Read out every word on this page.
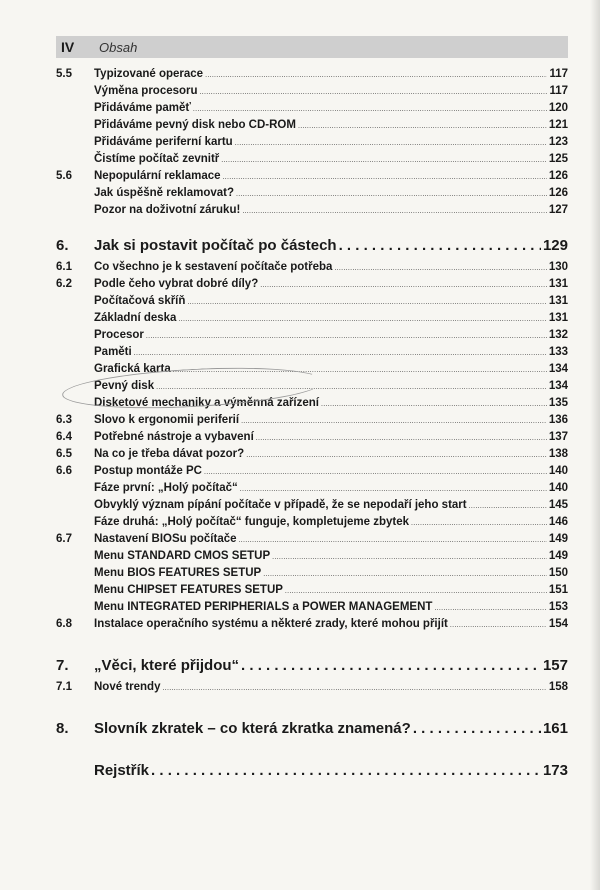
IV	Obsah
5.5	Typizované operace .....	117
Výměna procesoru .....	117
Přidáváme paměť .....	120
Přidáváme pevný disk nebo CD-ROM .....	121
Přidáváme periferní kartu .....	123
Čistíme počítač zevnitř .....	125
5.6	Nepopulární reklamace .....	126
Jak úspěšně reklamovat? .....	126
Pozor na doživotní záruku! .....	127
6.	Jak si postavit počítač po částech . . .	129
6.1	Co všechno je k sestavení počítače potřeba .....	130
6.2	Podle čeho vybrat dobré díly? .....	131
Počítačová skříň .....	131
Základní deska .....	131
Procesor .....	132
Paměti .....	133
Grafická karta .....	134
Pevný disk .....	134
Disketové mechaniky a výměnná zařízení .....	135
6.3	Slovo k ergonomii periferií .....	136
6.4	Potřebné nástroje a vybavení .....	137
6.5	Na co je třeba dávat pozor? .....	138
6.6	Postup montáže PC .....	140
Fáze první: „Holý počítač“ .....	140
Obvyklý význam pípání počítače v případě, že se nepodaří jeho start .....	145
Fáze druhá: „Holý počítač“ funguje, kompletujeme zbytek .....	146
6.7	Nastavení BIOSu počítače .....	149
Menu STANDARD CMOS SETUP .....	149
Menu BIOS FEATURES SETUP .....	150
Menu CHIPSET FEATURES SETUP .....	151
Menu INTEGRATED PERIPHERIALS a POWER MANAGEMENT .....	153
6.8	Instalace operačního systému a některé zrady, které mohou přijít .....	154
7.	„Věci, které přijdou“ . . .	157
7.1	Nové trendy .....	158
8.	Slovník zkratek – co která zkratka znamená? . . .	161
Rejstřík . . .	173
